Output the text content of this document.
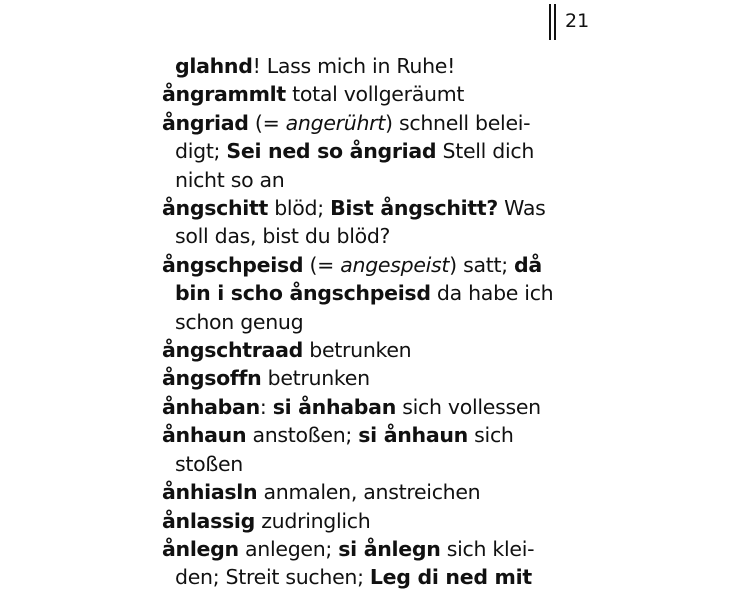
21
glahnd! Lass mich in Ruhe!
ångrammlt total vollgeräumt
ångriad (= angerührt) schnell belei-
digt; Sei ned so ångriad Stell dich
nicht so an
ångschitt blöd; Bist ångschitt? Was
soll das, bist du blöd?
ångschpeisd (= angespeist) satt; då
bin i scho ångschpeisd da habe ich
schon genug
ångschtraad betrunken
ångsoffn betrunken
ånhaban: si ånhaban sich vollessen
ånhaun anstoßen; si ånhaun sich
stoßen
ånhiasln anmalen, anstreichen
ånlassig zudringlich
ånlegn anlegen; si ånlegn sich klei-
den; Streit suchen; Leg di ned mit
